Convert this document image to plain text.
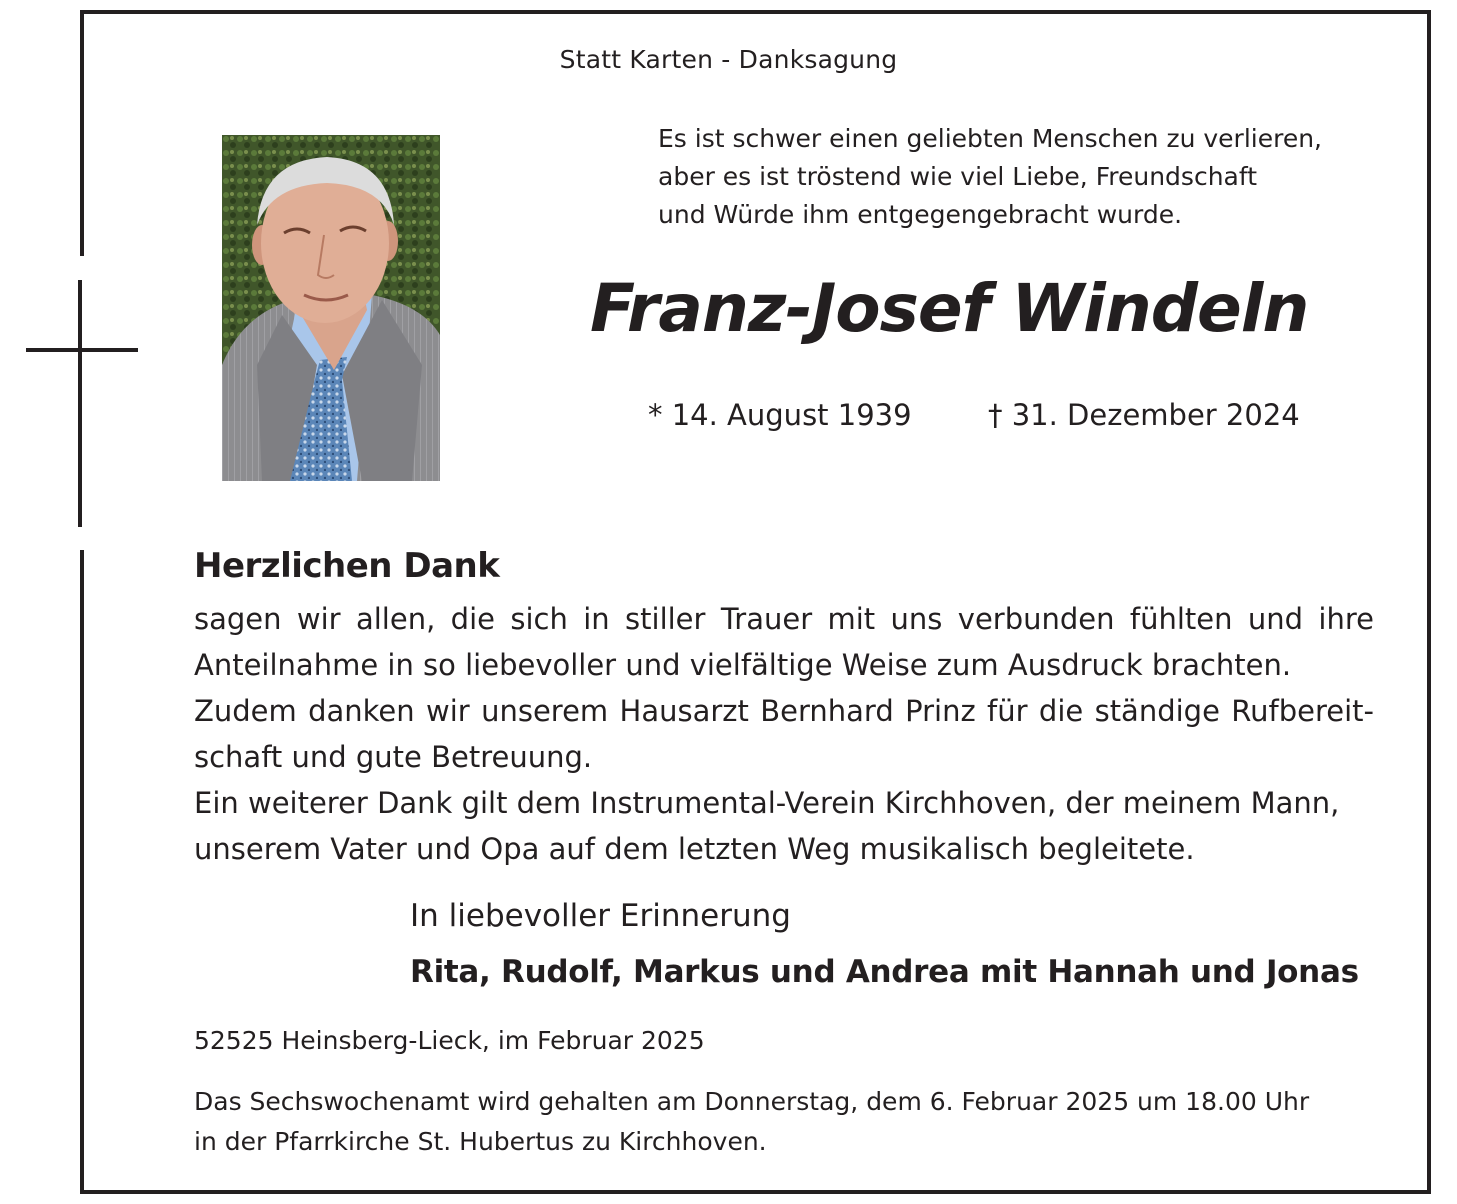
Statt Karten - Danksagung
Es ist schwer einen geliebten Menschen zu verlieren,
aber es ist tröstend wie viel Liebe, Freundschaft
und Würde ihm entgegengebracht wurde.
Franz-Josef Windeln
* 14. August 1939	† 31. Dezember 2024
Herzlichen Dank
sagen wir allen, die sich in stiller Trauer mit uns verbunden fühlten und ihre
Anteilnahme in so liebevoller und vielfältige Weise zum Ausdruck brachten.
Zudem danken wir unserem Hausarzt Bernhard Prinz für die ständige Rufbereit-
schaft und gute Betreuung.
Ein weiterer Dank gilt dem Instrumental-Verein Kirchhoven, der meinem Mann,
unserem Vater und Opa auf dem letzten Weg musikalisch begleitete.
In liebevoller Erinnerung
Rita, Rudolf, Markus und Andrea mit Hannah und Jonas
52525 Heinsberg-Lieck, im Februar 2025
Das Sechswochenamt wird gehalten am Donnerstag, dem 6. Februar 2025 um 18.00 Uhr
in der Pfarrkirche St. Hubertus zu Kirchhoven.
